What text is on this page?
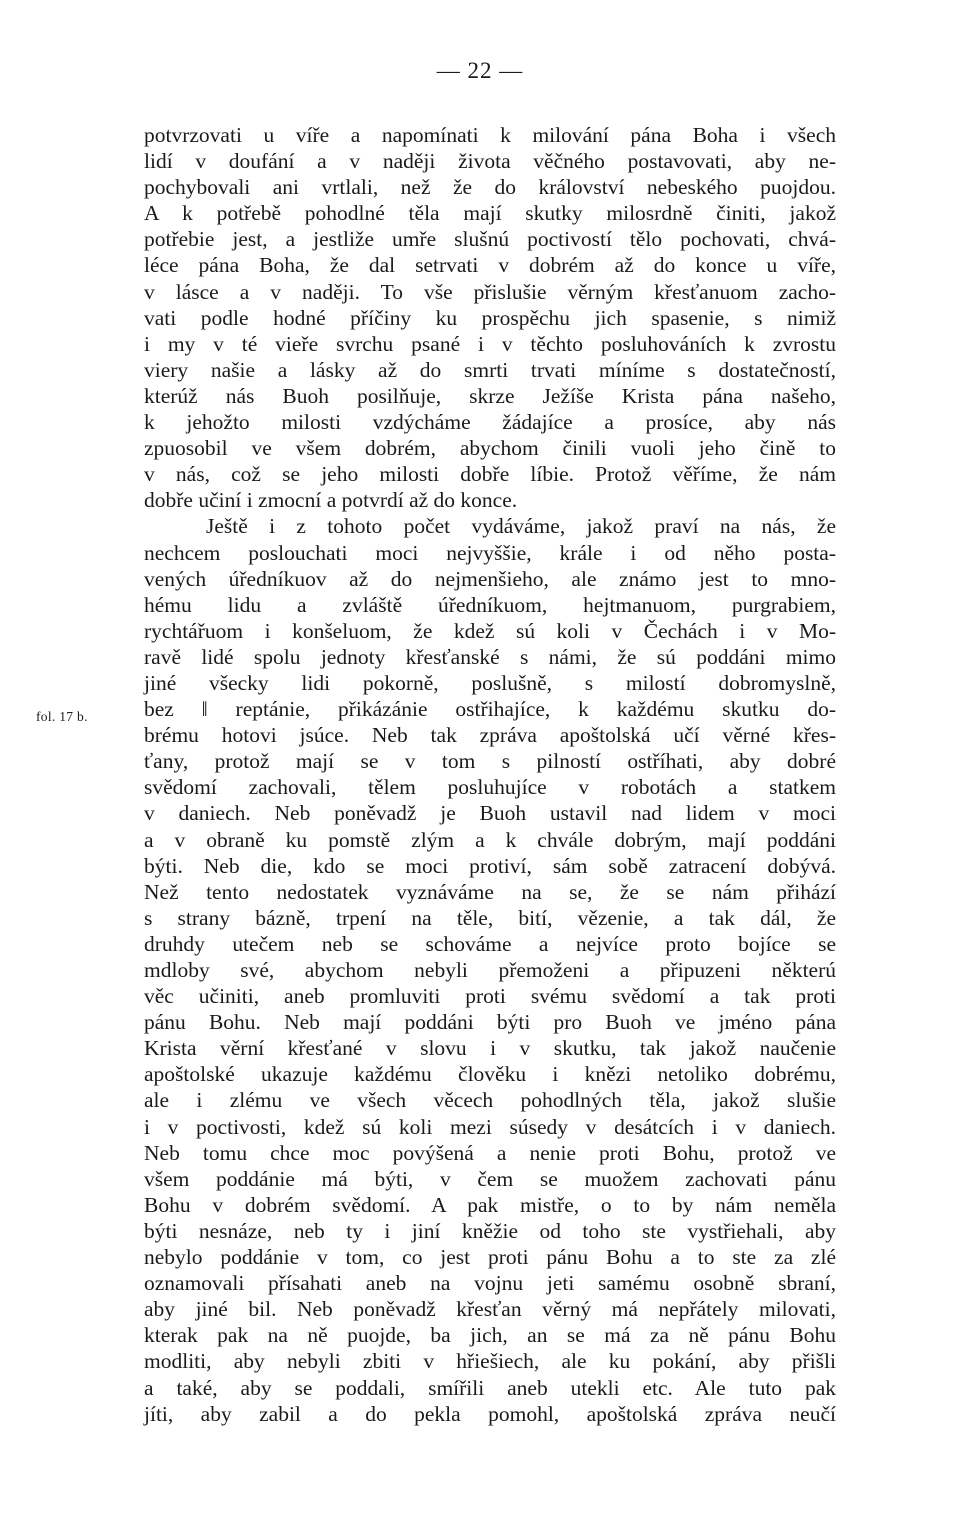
— 22 —
fol. 17 b.
potvrzovati u víře a napomínati k milování pána Boha i všech
lidí v doufání a v naději života věčného postavovati, aby ne-
pochybovali ani vrtlali, než že do království nebeského puojdou.
A k potřebě pohodlné těla mají skutky milosrdně činiti, jakož
potřebie jest, a jestliže umře slušnú poctivostí tělo pochovati, chvá-
léce pána Boha, že dal setrvati v dobrém až do konce u víře,
v lásce a v naději. To vše přislušie věrným křesťanuom zacho-
vati podle hodné příčiny ku prospěchu jich spasenie, s nimiž
i my v té vieře svrchu psané i v těchto posluhováních k zvrostu
viery našie a lásky až do smrti trvati míníme s dostatečností,
kterúž nás Buoh posilňuje, skrze Ježíše Krista pána našeho,
k jehožto milosti vzdýcháme žádajíce a prosíce, aby nás
zpuosobil ve všem dobrém, abychom činili vuoli jeho čině to
v nás, což se jeho milosti dobře líbie. Protož věříme, že nám
dobře učiní i zmocní a potvrdí až do konce.
Ještě i z tohoto počet vydáváme, jakož praví na nás, že
nechcem poslouchati moci nejvyššie, krále i od něho posta-
vených úředníkuov až do nejmenšieho, ale známo jest to mno-
hému lidu a zvláště úředníkuom, hejtmanuom, purgrabiem,
rychtářuom i konšeluom, že kdež sú koli v Čechách i v Mo-
ravě lidé spolu jednoty křesťanské s námi, že sú poddáni mimo
jiné všecky lidi pokorně, poslušně, s milostí dobromyslně,
bez ǁ reptánie, přikázánie ostřihajíce, k každému skutku do-
brému hotovi jsúce. Neb tak zpráva apoštolská učí věrné křes-
ťany, protož mají se v tom s pilností ostříhati, aby dobré
svědomí zachovali, tělem posluhujíce v robotách a statkem
v daniech. Neb poněvadž je Buoh ustavil nad lidem v moci
a v obraně ku pomstě zlým a k chvále dobrým, mají poddáni
býti. Neb die, kdo se moci protiví, sám sobě zatracení dobývá.
Než tento nedostatek vyznáváme na se, že se nám přihází
s strany bázně, trpení na těle, bití, vězenie, a tak dál, že
druhdy utečem neb se schováme a nejvíce proto bojíce se
mdloby své, abychom nebyli přemoženi a připuzeni některú
věc učiniti, aneb promluviti proti svému svědomí a tak proti
pánu Bohu. Neb mají poddáni býti pro Buoh ve jméno pána
Krista věrní křesťané v slovu i v skutku, tak jakož naučenie
apoštolské ukazuje každému člověku i knězi netoliko dobrému,
ale i zlému ve všech věcech pohodlných těla, jakož slušie
i v poctivosti, kdež sú koli mezi súsedy v desátcích i v daniech.
Neb tomu chce moc povýšená a nenie proti Bohu, protož ve
všem poddánie má býti, v čem se muožem zachovati pánu
Bohu v dobrém svědomí. A pak mistře, o to by nám neměla
býti nesnáze, neb ty i jiní kněžie od toho ste vystřiehali, aby
nebylo poddánie v tom, co jest proti pánu Bohu a to ste za zlé
oznamovali přísahati aneb na vojnu jeti samému osobně sbraní,
aby jiné bil. Neb poněvadž křesťan věrný má nepřátely milovati,
kterak pak na ně puojde, ba jich, an se má za ně pánu Bohu
modliti, aby nebyli zbiti v hřiešiech, ale ku pokání, aby přišli
a také, aby se poddali, smířili aneb utekli etc. Ale tuto pak
jíti, aby zabil a do pekla pomohl, apoštolská zpráva neučí
